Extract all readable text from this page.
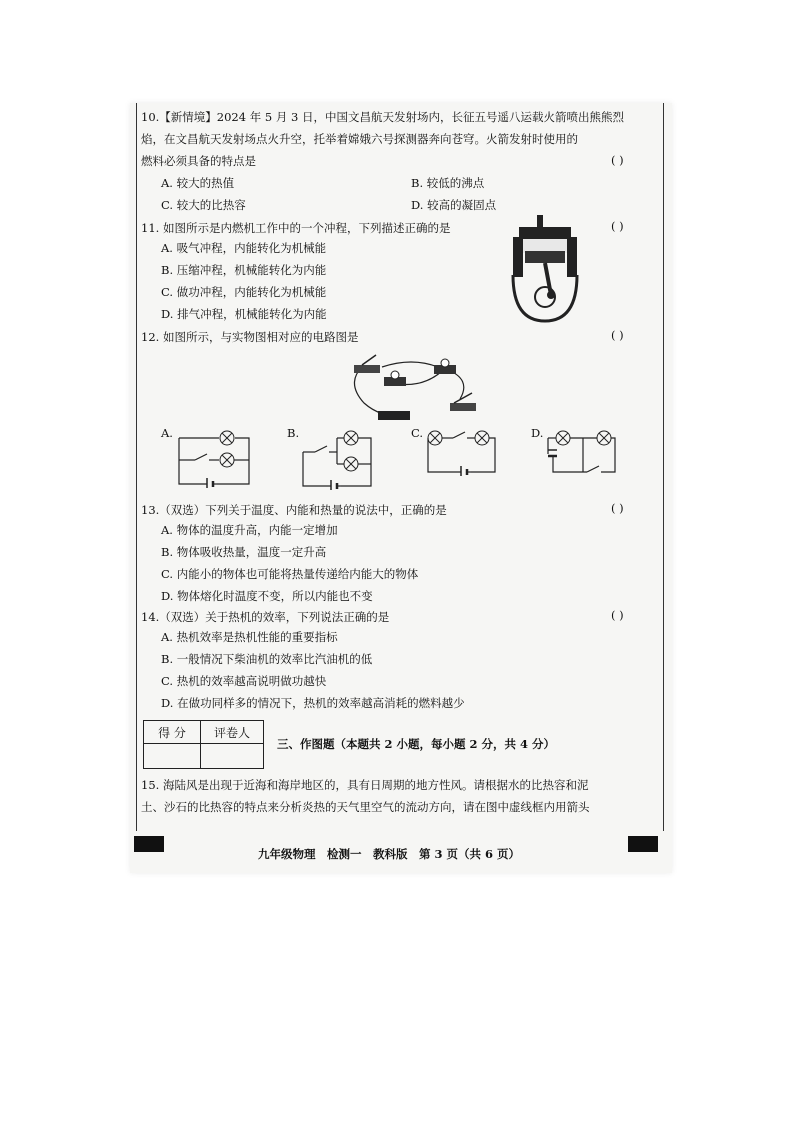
10.【新情境】2024 年 5 月 3 日，中国文昌航天发射场内，长征五号遥八运载火箭喷出熊熊烈
焰，在文昌航天发射场点火升空，托举着嫦娥六号探测器奔向苍穹。火箭发射时使用的
燃料必须具备的特点是	( )
A. 较大的热值	B. 较低的沸点
C. 较大的比热容	D. 较高的凝固点
11. 如图所示是内燃机工作中的一个冲程，下列描述正确的是	( )
A. 吸气冲程，内能转化为机械能
B. 压缩冲程，机械能转化为内能
C. 做功冲程，内能转化为机械能
D. 排气冲程，机械能转化为内能
12. 如图所示，与实物图相对应的电路图是	( )
A.	B.	C.	D.
13.（双选）下列关于温度、内能和热量的说法中，正确的是	( )
A. 物体的温度升高，内能一定增加
B. 物体吸收热量，温度一定升高
C. 内能小的物体也可能将热量传递给内能大的物体
D. 物体熔化时温度不变，所以内能也不变
14.（双选）关于热机的效率，下列说法正确的是	( )
A. 热机效率是热机性能的重要指标
B. 一般情况下柴油机的效率比汽油机的低
C. 热机的效率越高说明做功越快
D. 在做功同样多的情况下，热机的效率越高消耗的燃料越少
得 分	评卷人

三、作图题（本题共 2 小题，每小题 2 分，共 4 分）
15. 海陆风是出现于近海和海岸地区的，具有日周期的地方性风。请根据水的比热容和泥
土、沙石的比热容的特点来分析炎热的天气里空气的流动方向，请在图中虚线框内用箭头
九年级物理　检测一　教科版　第 3 页（共 6 页）
